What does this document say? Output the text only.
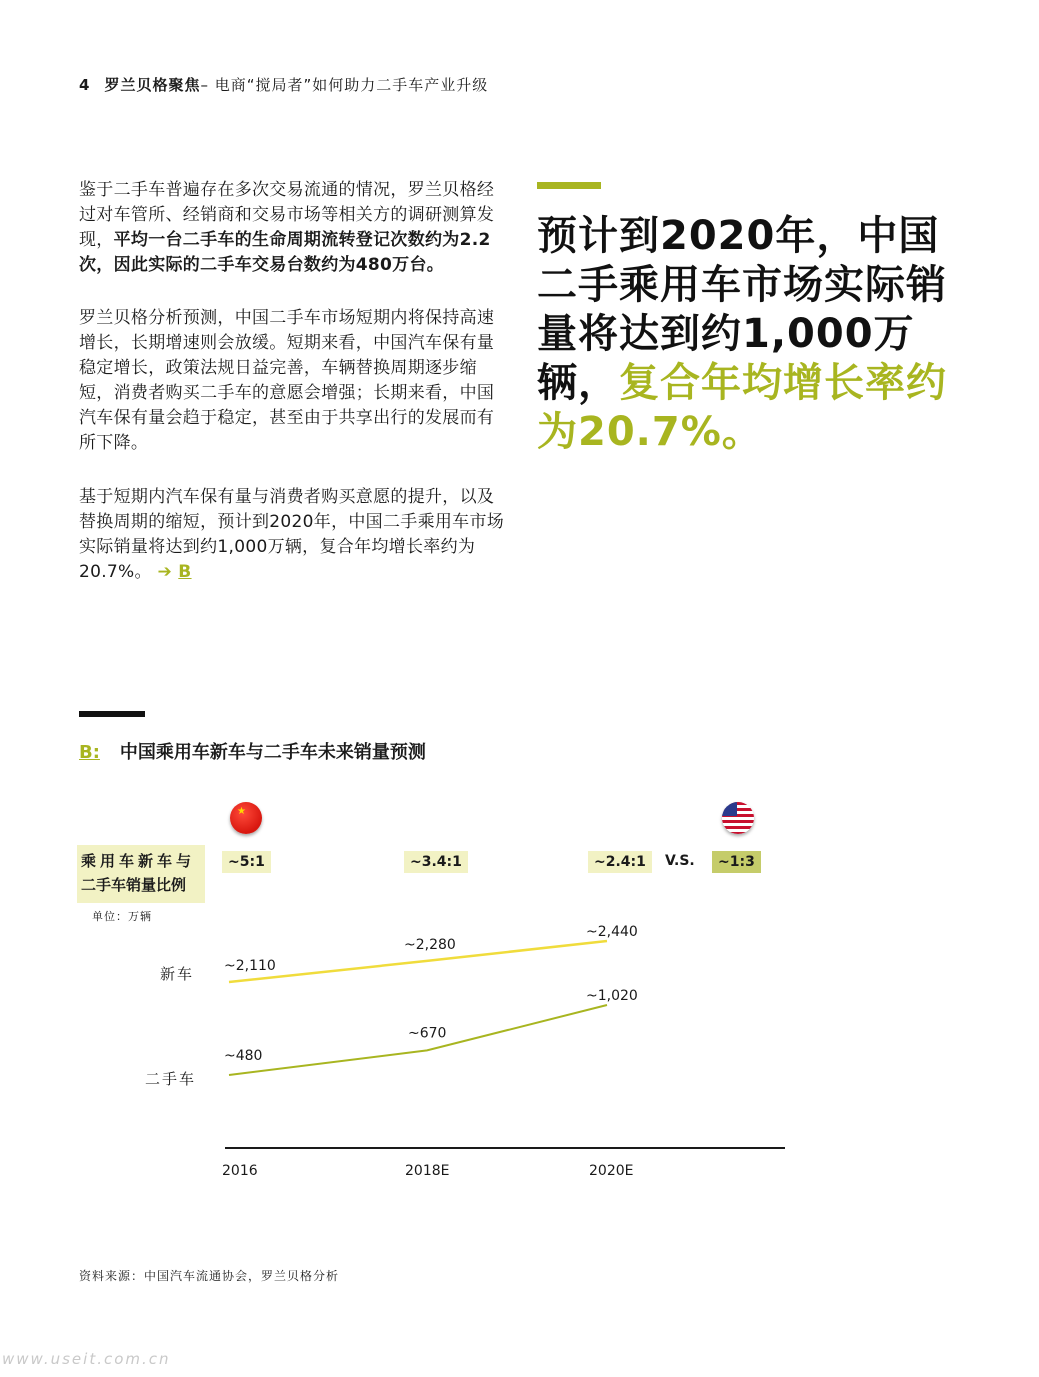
4 罗兰贝格聚焦– 电商“搅局者”如何助力二手车产业升级
鉴于二手车普遍存在多次交易流通的情况，罗兰贝格经过对车管所、经销商和交易市场等相关方的调研测算发现，平均一台二手车的生命周期流转登记次数约为2.2次，因此实际的二手车交易台数约为480万台。
罗兰贝格分析预测，中国二手车市场短期内将保持高速增长，长期增速则会放缓。短期来看，中国汽车保有量稳定增长，政策法规日益完善，车辆替换周期逐步缩短，消费者购买二手车的意愿会增强；长期来看，中国汽车保有量会趋于稳定，甚至由于共享出行的发展而有所下降。
基于短期内汽车保有量与消费者购买意愿的提升，以及替换周期的缩短，预计到2020年，中国二手乘用车市场实际销量将达到约1,000万辆，复合年均增长率约为20.7%。 ➔ B
预计到2020年，中国二手乘用车市场实际销量将达到约1,000万辆，复合年均增长率约为20.7%。
B: 中国乘用车新车与二手车未来销量预测
★
乘用车新车与
二手车销量比例
~5:1	~3.4:1	~2.4:1	V.S.	~1:3
单位：万辆
新车
二手车
~2,110
~2,280
~2,440
~480
~670
~1,020
2016	2018E	2020E
资料来源：中国汽车流通协会，罗兰贝格分析
www.useit.com.cn
